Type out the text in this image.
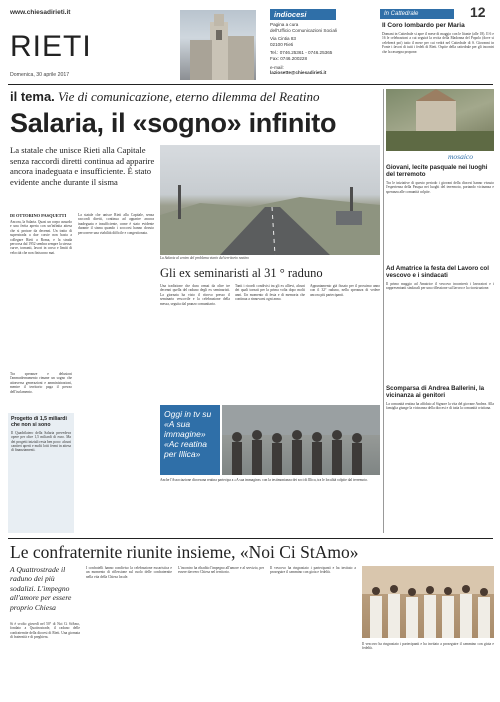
www.chiesadirieti.it
RIETI
Domenica, 30 aprile 2017
indiocesi
Pagina a cura
dell'Ufficio Comunicazioni Sociali
Via Cintia 83
02100 Rieti
Tel.: 0746.25361 - 0746.25365
Fax: 0746.200228
e-mail:
laziosette@chiesadirieti.it
In Cattedrale	12
Il Coro lombardo per Maria
Domani in Cattedrale si apre il mese di maggio con le litanie (alle 18). Il 6 e 16 le celebrazioni a cui seguirà la recita della Madonna del Popolo (dove si celebrerà poi) tutto il mese per cui vedrà nel Cattedrale di S. Giovanni in Fonte i favori di tutti i fedeli di Rieti. Ospite della cattedrale per gli incontri che la rassegna propone.
il tema. Vie di comunicazione, eterno dilemma del Reatino
Salaria, il «sogno» infinito
La statale che unisce Rieti alla Capitale senza raccordi diretti continua ad apparire ancora inadeguata e insufficiente. È stato evidente anche durante il sisma
La Salaria al centro del problema viario del territorio reatino
DI OTTORINO PASQUETTI
Ancora, la Salaria. Quasi un corpo assurdo e una ferita aperta con un'infinita attesa che si protrae da decenni. Un tratto di superstrada a due corsie non basta a collegare Rieti a Roma, e la strada percorsa dal 1952 sembra sempre la stessa: curve, tornanti, lavori in corso e limiti di velocità che non finiscono mai.
La statale che unisce Rieti alla Capitale, senza raccordi diretti, continua ad apparire ancora inadeguata e insufficiente, come è stato evidente durante il sisma quando i soccorsi hanno dovuto percorrere una viabilità difficile e congestionata.
Tra speranze e delusioni l'ammodernamento rimane un sogno che attraversa generazioni e amministrazioni, mentre il territorio paga il prezzo dell'isolamento.
Progetto di 1,5 miliardi che non si sono
Il Quadrilatero della Salaria prevedeva opere per oltre 1,5 miliardi di euro. Ma dei progetti iniziali resta ben poco: alcuni cantieri aperti e molti lotti fermi in attesa di finanziamenti.
Gli ex seminaristi al 31 ° raduno
Una tradizione che dura ormai da oltre tre decenni quella del raduno degli ex seminaristi. La giornata ha visto il ritrovo presso il seminario vescovile e la celebrazione della messa, seguita dal pranzo comunitario.
Tanti i ricordi condivisi tra gli ex allievi, alcuni dei quali tornati per la prima volta dopo molti anni. Un momento di festa e di memoria che continua a rinnovarsi ogni anno.
Appuntamento già fissato per il prossimo anno con il 32° raduno, nella speranza di vedere ancora più partecipanti.
Oggi in tv su «A sua immagine» «Ac reatina per Illica»
Anche l'Associazione diocesana reatina partecipa a «A sua immagine» con la testimonianza dei soci di Illica, tra le località colpite dal terremoto.
mosaico
Giovani, lecite pasquale nei luoghi del terremoto
Tra le iniziative di questo periodo i giovani della diocesi hanno vissuto l'esperienza della Pasqua nei luoghi del terremoto, portando vicinanza e speranza alle comunità colpite.
Ad Amatrice la festa del Lavoro col vescovo e i sindacati
Il primo maggio ad Amatrice il vescovo incontrerà i lavoratori e i rappresentanti sindacali per una riflessione sul lavoro e la ricostruzione.
Scomparsa di Andrea Ballerini, la vicinanza ai genitori
La comunità reatina ha affidato al Signore la vita del giovane Andrea. Alla famiglia giunge la vicinanza della diocesi e di tutta la comunità cristiana.
Le confraternite riunite insieme, «Noi Ci StAmo»
A Quattrostrade il raduno dei più sodalizi. L'impegno all'amore per essere proprio Chiesa
Si è svolto giovedì nel 50° di Noi Ci StAmo, fondato a Quattrostrade, il raduno delle confraternite della diocesi di Rieti. Una giornata di fraternità e di preghiera.
I confratelli hanno condiviso la celebrazione eucaristica e un momento di riflessione sul ruolo delle confraternite nella vita della Chiesa locale.
L'incontro ha ribadito l'impegno all'amore e al servizio, per essere davvero Chiesa nel territorio.
Il vescovo ha ringraziato i partecipanti e ha invitato a proseguire il cammino con gioia e fedeltà.
Il vescovo ha ringraziato i partecipanti e ha invitato a proseguire il cammino con gioia e fedeltà.
